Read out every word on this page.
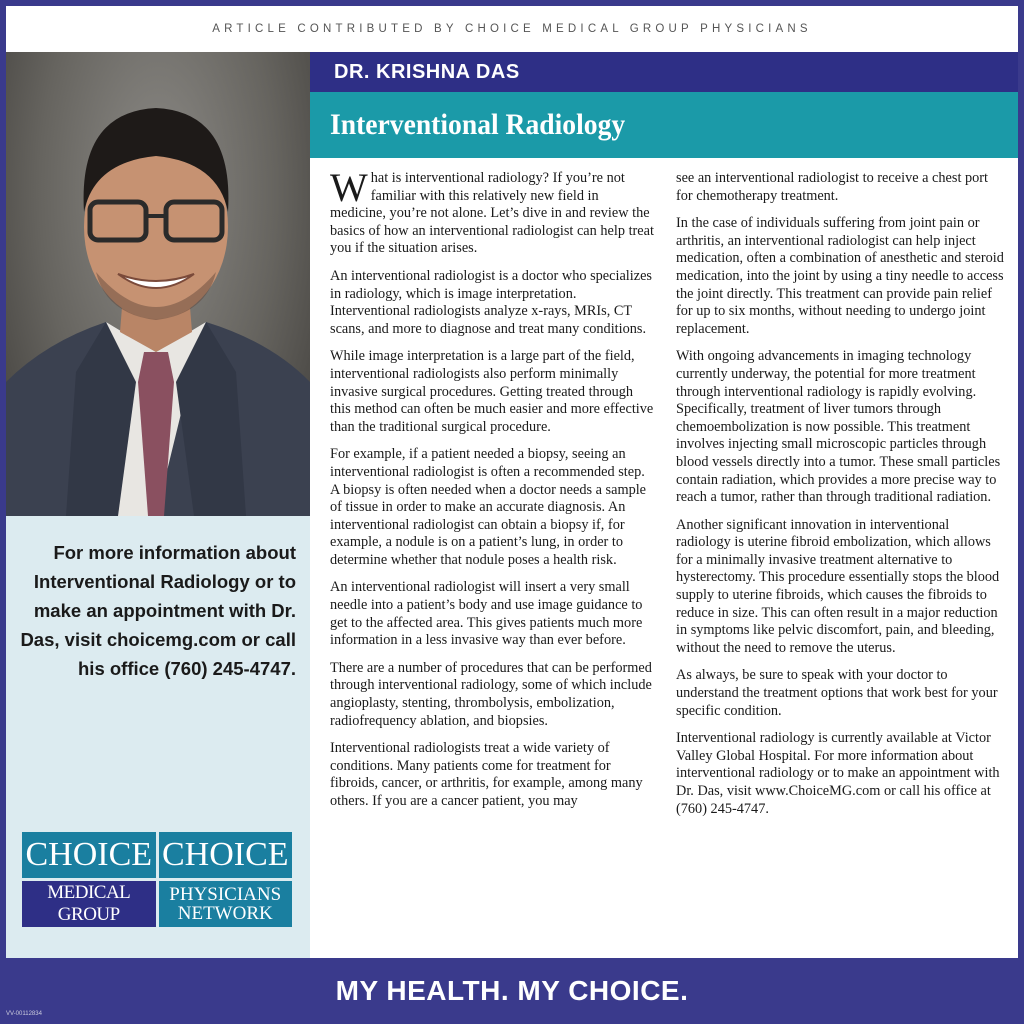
ARTICLE CONTRIBUTED BY CHOICE MEDICAL GROUP PHYSICIANS
For more information about Interventional Radiology or to make an appointment with Dr. Das, visit choicemg.com or call his office (760) 245-4747.
CHOICE CHOICE
MEDICAL GROUP
PHYSICIANS
NETWORK
DR. KRISHNA DAS
Interventional Radiology

What is interventional radiology? If you’re not familiar with this relatively new field in medicine, you’re not alone. Let’s dive in and review the basics of how an interventional radiologist can help treat you if the situation arises.

An interventional radiologist is a doctor who specializes in radiology, which is image interpretation. Interventional radiologists analyze x-rays, MRIs, CT scans, and more to diagnose and treat many conditions.

While image interpretation is a large part of the field, interventional radiologists also perform minimally invasive surgical procedures. Getting treated through this method can often be much easier and more effective than the traditional surgical procedure.

For example, if a patient needed a biopsy, seeing an interventional radiologist is often a recommended step. A biopsy is often needed when a doctor needs a sample of tissue in order to make an accurate diagnosis. An interventional radiologist can obtain a biopsy if, for example, a nodule is on a patient’s lung, in order to determine whether that nodule poses a health risk.

An interventional radiologist will insert a very small needle into a patient’s body and use image guidance to get to the affected area. This gives patients much more information in a less invasive way than ever before.

There are a number of procedures that can be performed through interventional radiology, some of which include angioplasty, stenting, thrombolysis, embolization, radiofrequency ablation, and biopsies.

Interventional radiologists treat a wide variety of conditions. Many patients come for treatment for fibroids, cancer, or arthritis, for example, among many others. If you are a cancer patient, you may

see an interventional radiologist to receive a chest port for chemotherapy treatment.

In the case of individuals suffering from joint pain or arthritis, an interventional radiologist can help inject medication, often a combination of anesthetic and steroid medication, into the joint by using a tiny needle to access the joint directly. This treatment can provide pain relief for up to six months, without needing to undergo joint replacement.

With ongoing advancements in imaging technology currently underway, the potential for more treatment through interventional radiology is rapidly evolving. Specifically, treatment of liver tumors through chemoembolization is now possible. This treatment involves injecting small microscopic particles through blood vessels directly into a tumor. These small particles contain radiation, which provides a more precise way to reach a tumor, rather than through traditional radiation.

Another significant innovation in interventional radiology is uterine fibroid embolization, which allows for a minimally invasive treatment alternative to hysterectomy. This procedure essentially stops the blood supply to uterine fibroids, which causes the fibroids to reduce in size. This can often result in a major reduction in symptoms like pelvic discomfort, pain, and bleeding, without the need to remove the uterus.

As always, be sure to speak with your doctor to understand the treatment options that work best for your specific condition.

Interventional radiology is currently available at Victor Valley Global Hospital. For more information about interventional radiology or to make an appointment with Dr. Das, visit www.ChoiceMG.com or call his office at (760) 245-4747.

MY HEALTH. MY CHOICE.
VV-00112834
